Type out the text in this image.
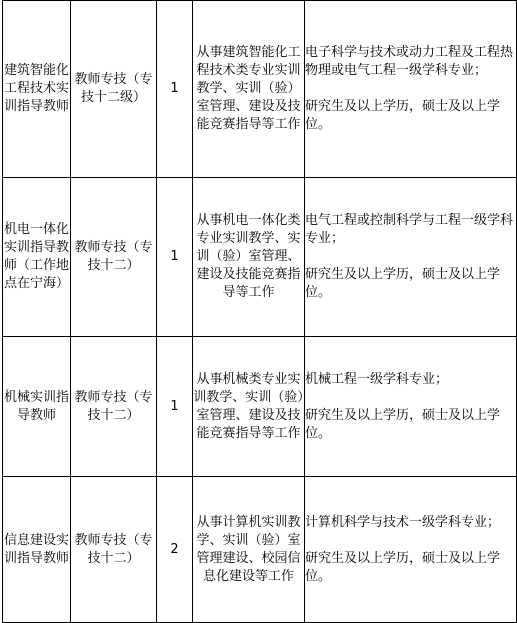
建筑智能化工程技术实训指导教师	教师专技（专技十二级）	1	从事建筑智能化工程技术类专业实训教学、实训（验）室管理、建设及技能竞赛指导等工作	电子科学与技术或动力工程及工程热物理或电气工程一级学科专业；

研究生及以上学历，硕士及以上学位。

机电一体化实训指导教师（工作地点在宁海）	教师专技（专技十二）	1	从事机电一体化类专业实训教学、实训（验）室管理、建设及技能竞赛指导等工作	电气工程或控制科学与工程一级学科专业；

研究生及以上学历，硕士及以上学位。

机械实训指导教师	教师专技（专技十二）	1	从事机械类专业实训教学、实训（验）室管理、建设及技能竞赛指导等工作	机械工程一级学科专业；

研究生及以上学历，硕士及以上学位。

信息建设实训指导教师	教师专技（专技十二）	2	从事计算机实训教学、实训（验）室管理建设、校园信息化建设等工作	计算机科学与技术一级学科专业；

研究生及以上学历，硕士及以上学位。
